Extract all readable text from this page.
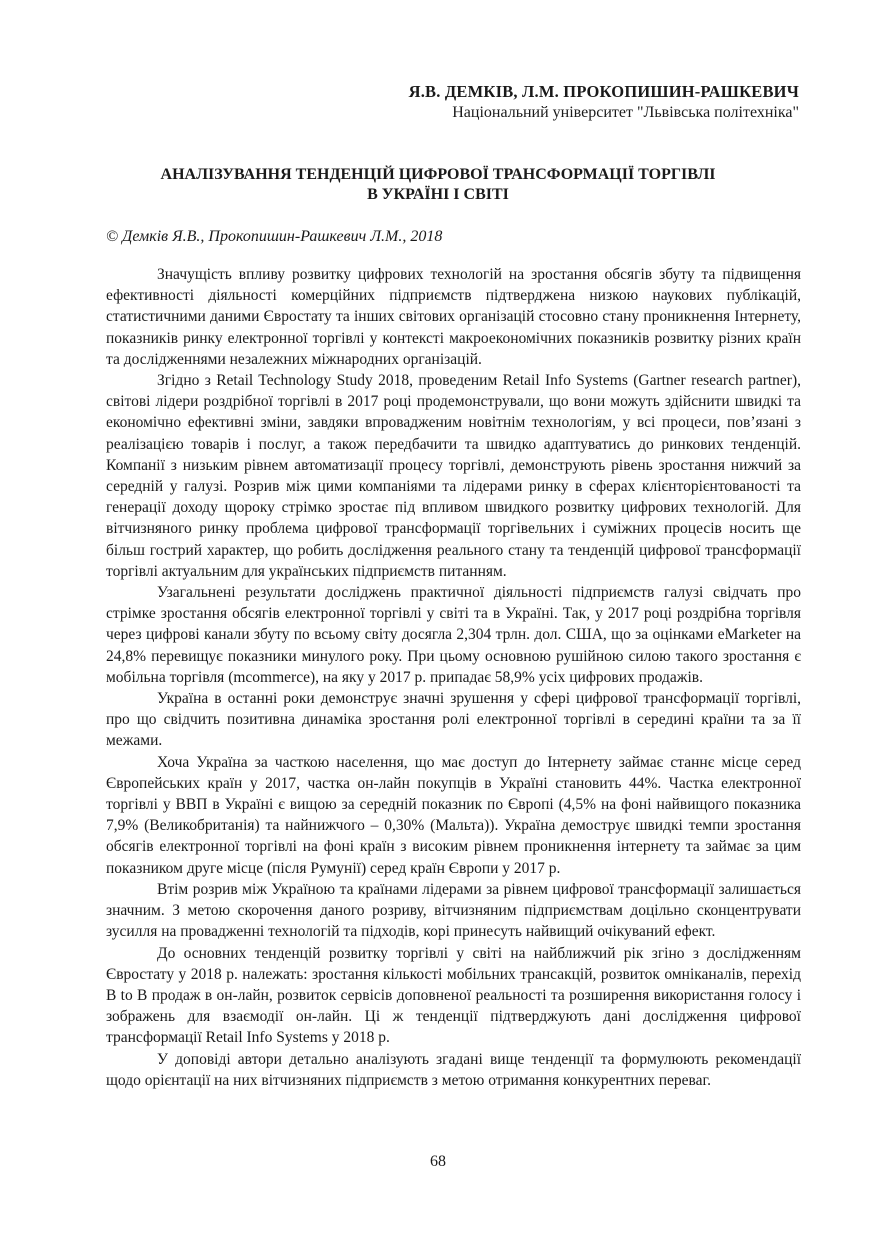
Я.В. ДЕМКІВ, Л.М. ПРОКОПИШИН-РАШКЕВИЧ
Національний університет "Львівська політехніка"
АНАЛІЗУВАННЯ ТЕНДЕНЦІЙ ЦИФРОВОЇ ТРАНСФОРМАЦІЇ ТОРГІВЛІ
В УКРАЇНІ І СВІТІ
© Демків Я.В., Прокопишин-Рашкевич Л.М., 2018

Значущість впливу розвитку цифрових технологій на зростання обсягів збуту та підвищення ефективності діяльності комерційних підприємств підтверджена низкою наукових публікацій, статистичними даними Євростату та інших світових організацій стосовно стану проникнення Інтернету, показників ринку електронної торгівлі у контексті макроекономічних показників розвитку різних країн та дослідженнями незалежних міжнародних організацій.

Згідно з Retail Technology Study 2018, проведеним Retail Info Systems (Gartner research partner), світові лідери роздрібної торгівлі в 2017 році продемонстрували, що вони можуть здійснити швидкі та економічно ефективні зміни, завдяки впровадженим новітнім технологіям, у всі процеси, пов’язані з реалізацією товарів і послуг, а також передбачити та швидко адаптуватись до ринкових тенденцій. Компанії з низьким рівнем автоматизації процесу торгівлі, демонструють рівень зростання нижчий за середній у галузі. Розрив між цими компаніями та лідерами ринку в сферах клієнторієнтованості та генерації доходу щороку стрімко зростає під впливом швидкого розвитку цифрових технологій. Для вітчизняного ринку проблема цифрової трансформації торгівельних і суміжних процесів носить ще більш гострий характер, що робить дослідження реального стану та тенденцій цифрової трансформації торгівлі актуальним для українських підприємств питанням.

Узагальнені результати досліджень практичної діяльності підприємств галузі свідчать про стрімке зростання обсягів електронної торгівлі у світі та в Україні. Так, у 2017 році роздрібна торгівля через цифрові канали збуту по всьому світу досягла 2,304 трлн. дол. США, що за оцінками eMarketer на 24,8% перевищує показники минулого року. При цьому основною рушійною силою такого зростання є мобільна торгівля (mcommerce), на яку у 2017 р. припадає 58,9% усіх цифрових продажів.

Україна в останні роки демонструє значні зрушення у сфері цифрової трансформації торгівлі, про що свідчить позитивна динаміка зростання ролі електронної торгівлі в середині країни та за її межами.

Хоча Україна за часткою населення, що має доступ до Інтернету займає станнє місце серед Європейських країн у 2017, частка он-лайн покупців в Україні становить 44%. Частка електронної торгівлі у ВВП в Україні є вищою за середній показник по Європі (4,5% на фоні найвищого показника 7,9% (Великобританія) та найнижчого – 0,30% (Мальта)). Україна демострує швидкі темпи зростання обсягів електронної торгівлі на фоні країн з високим рівнем проникнення інтернету та займає за цим показником друге місце (після Румунії) серед країн Європи у 2017 р.

Втім розрив між Україною та країнами лідерами за рівнем цифрової трансформації залишається значним. З метою скорочення даного розриву, вітчизняним підприємствам доцільно сконцентрувати зусилля на провадженні технологій та підходів, корі принесуть найвищий очікуваний ефект.

До основних тенденцій розвитку торгівлі у світі на найближчий рік згіно з дослідженням Євростату у 2018 р. належать: зростання кількості мобільних трансакцій, розвиток омніканалів, перехід B to B продаж в он-лайн, розвиток сервісів доповненої реальності та розширення використання голосу і зображень для взаємодії он-лайн. Ці ж тенденції підтверджують дані дослідження цифрової трансформації Retail Info Systems у 2018 р.

У доповіді автори детально аналізують згадані вище тенденції та формулюють рекомендації щодо орієнтації на них вітчизняних підприємств з метою отримання конкурентних переваг.

68
